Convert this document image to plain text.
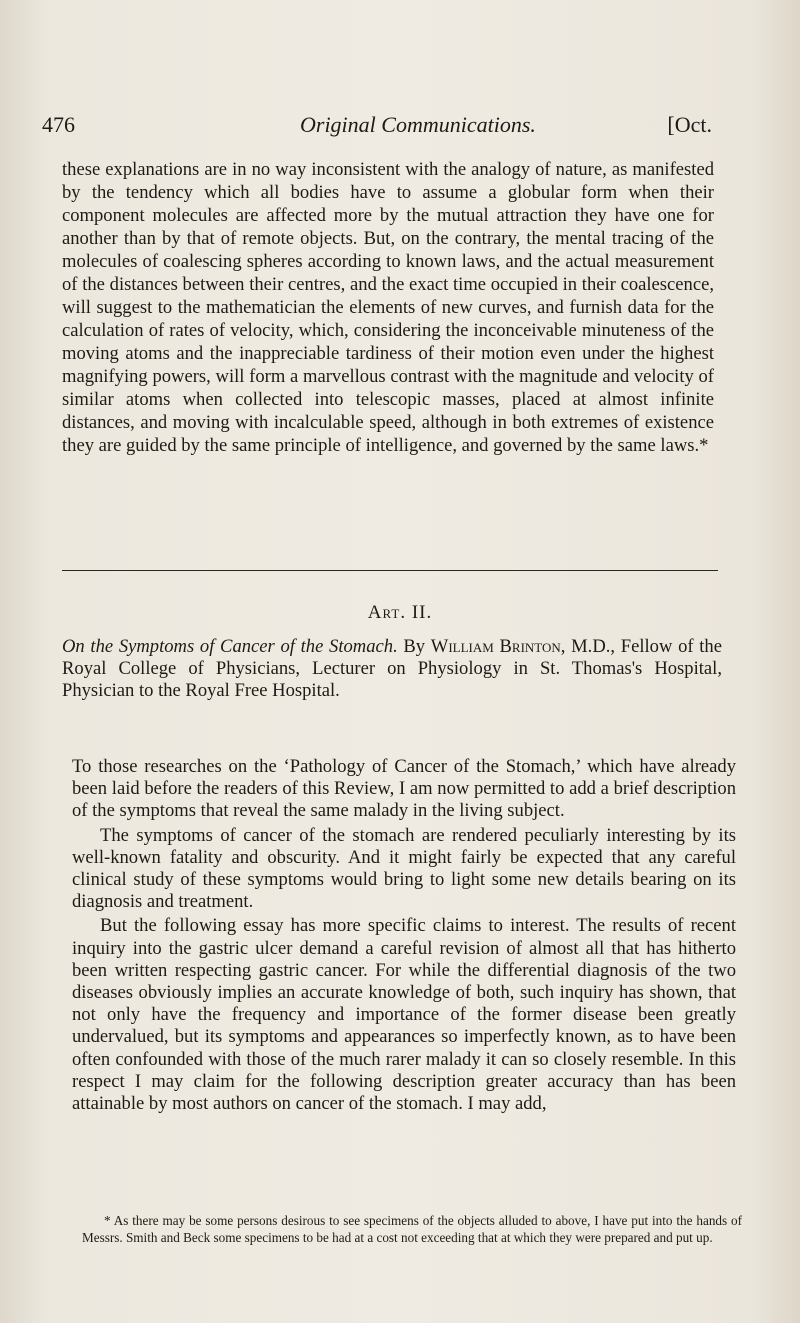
476	Original Communications.	[Oct.

these explanations are in no way inconsistent with the analogy of nature, as manifested by the tendency which all bodies have to assume a globular form when their component molecules are affected more by the mutual attraction they have one for another than by that of remote objects. But, on the contrary, the mental tracing of the molecules of coalescing spheres according to known laws, and the actual measurement of the distances between their centres, and the exact time occupied in their coalescence, will suggest to the mathematician the elements of new curves, and furnish data for the calculation of rates of velocity, which, considering the inconceivable minuteness of the moving atoms and the inappreciable tardiness of their motion even under the highest magnifying powers, will form a marvellous contrast with the magnitude and velocity of similar atoms when collected into telescopic masses, placed at almost infinite distances, and moving with incalculable speed, although in both extremes of existence they are guided by the same principle of intelligence, and governed by the same laws.*

Art. II.
On the Symptoms of Cancer of the Stomach. By William Brinton, M.D., Fellow of the Royal College of Physicians, Lecturer on Physiology in St. Thomas's Hospital, Physician to the Royal Free Hospital.

To those researches on the ‘Pathology of Cancer of the Stomach,’ which have already been laid before the readers of this Review, I am now permitted to add a brief description of the symptoms that reveal the same malady in the living subject.

The symptoms of cancer of the stomach are rendered peculiarly interesting by its well-known fatality and obscurity. And it might fairly be expected that any careful clinical study of these symptoms would bring to light some new details bearing on its diagnosis and treatment.

But the following essay has more specific claims to interest. The results of recent inquiry into the gastric ulcer demand a careful revision of almost all that has hitherto been written respecting gastric cancer. For while the differential diagnosis of the two diseases obviously implies an accurate knowledge of both, such inquiry has shown, that not only have the frequency and importance of the former disease been greatly undervalued, but its symptoms and appearances so imperfectly known, as to have been often confounded with those of the much rarer malady it can so closely resemble. In this respect I may claim for the following description greater accuracy than has been attainable by most authors on cancer of the stomach. I may add,

* As there may be some persons desirous to see specimens of the objects alluded to above, I have put into the hands of Messrs. Smith and Beck some specimens to be had at a cost not exceeding that at which they were prepared and put up.
